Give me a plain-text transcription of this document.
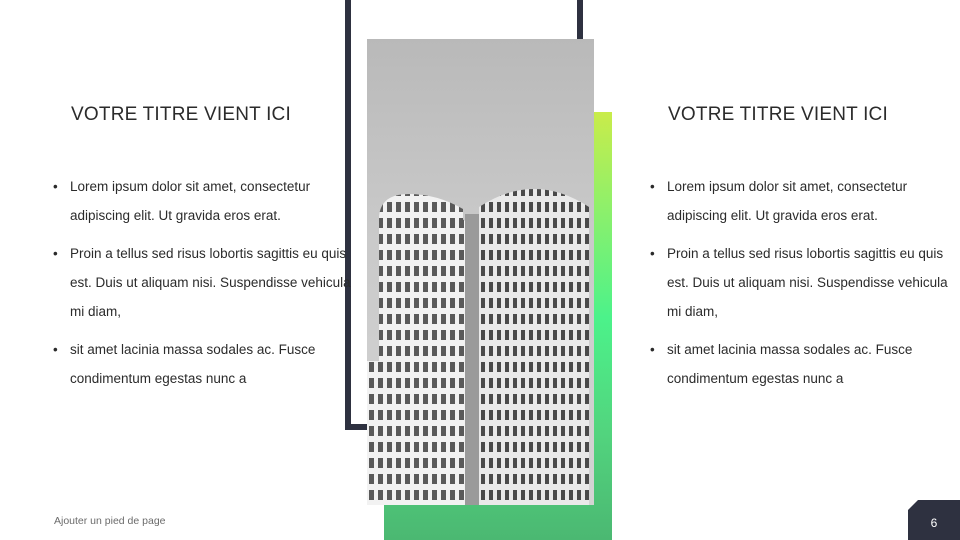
VOTRE TITRE VIENT ICI
• Lorem ipsum dolor sit amet, consectetur adipiscing elit. Ut gravida eros erat.
• Proin a tellus sed risus lobortis sagittis eu quis est. Duis ut aliquam nisi. Suspendisse vehicula mi diam,
• sit amet lacinia massa sodales ac. Fusce condimentum egestas nunc a
VOTRE TITRE VIENT ICI
• Lorem ipsum dolor sit amet, consectetur adipiscing elit. Ut gravida eros erat.
• Proin a tellus sed risus lobortis sagittis eu quis est. Duis ut aliquam nisi. Suspendisse vehicula mi diam,
• sit amet lacinia massa sodales ac. Fusce condimentum egestas nunc a
Ajouter un pied de page	6
